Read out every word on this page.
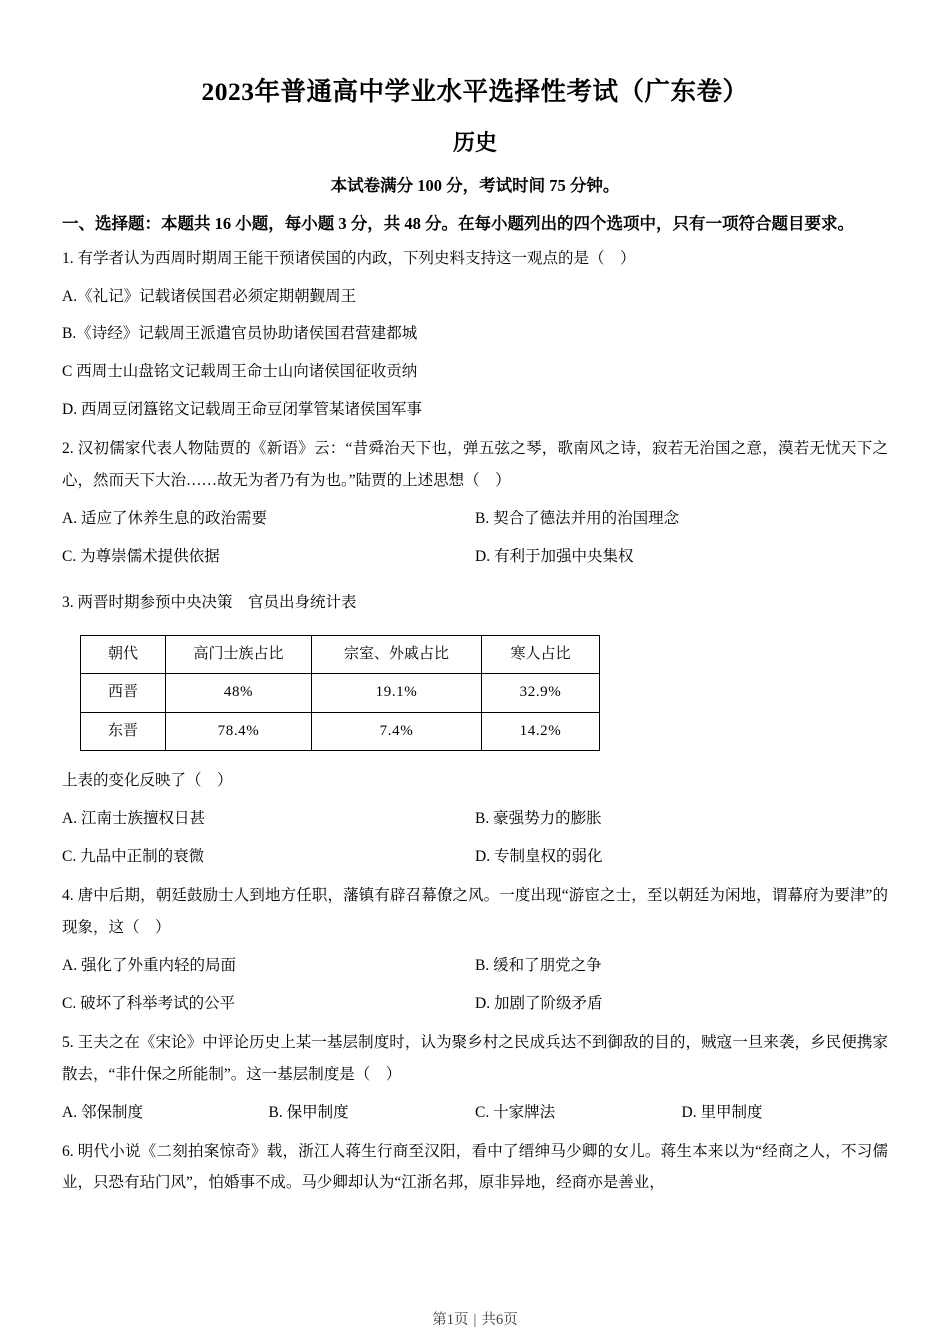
2023年普通高中学业水平选择性考试（广东卷）
历史

本试卷满分 100 分，考试时间 75 分钟。

一、选择题：本题共 16 小题，每小题 3 分，共 48 分。在每小题列出的四个选项中，只有一项符合题目要求。

1. 有学者认为西周时期周王能干预诸侯国的内政，下列史料支持这一观点的是（　）

A.《礼记》记载诸侯国君必须定期朝觐周王
B.《诗经》记载周王派遣官员协助诸侯国君营建都城
C 西周士山盘铭文记载周王命士山向诸侯国征收贡纳
D. 西周豆闭簋铭文记载周王命豆闭掌管某诸侯国军事

2. 汉初儒家代表人物陆贾的《新语》云：“昔舜治天下也，弹五弦之琴，歌南风之诗，寂若无治国之意，漠若无忧天下之心，然而天下大治……故无为者乃有为也。”陆贾的上述思想（　）

A. 适应了休养生息的政治需要	B. 契合了德法并用的治国理念
C. 为尊崇儒术提供依据	D. 有利于加强中央集权

3. 两晋时期参预中央决策　官员出身统计表

朝代	高门士族占比	宗室、外戚占比	寒人占比
西晋	48%	19.1%	32.9%
东晋	78.4%	7.4%	14.2%

上表的变化反映了（　）

A. 江南士族擅权日甚	B. 豪强势力的膨胀
C. 九品中正制的衰微	D. 专制皇权的弱化

4. 唐中后期，朝廷鼓励士人到地方任职，藩镇有辟召幕僚之风。一度出现“游宦之士，至以朝廷为闲地，谓幕府为要津”的现象，这（　）

A. 强化了外重内轻的局面	B. 缓和了朋党之争
C. 破坏了科举考试的公平	D. 加剧了阶级矛盾

5. 王夫之在《宋论》中评论历史上某一基层制度时，认为聚乡村之民成兵达不到御敌的目的，贼寇一旦来袭，乡民便携家散去，“非什保之所能制”。这一基层制度是（　）

A. 邻保制度	B. 保甲制度	C. 十家牌法	D. 里甲制度

6. 明代小说《二刻拍案惊奇》载，浙江人蒋生行商至汉阳，看中了缙绅马少卿的女儿。蒋生本来以为“经商之人，不习儒业，只恐有玷门风”，怕婚事不成。马少卿却认为“江浙名邦，原非异地，经商亦是善业，

第1页 | 共6页
